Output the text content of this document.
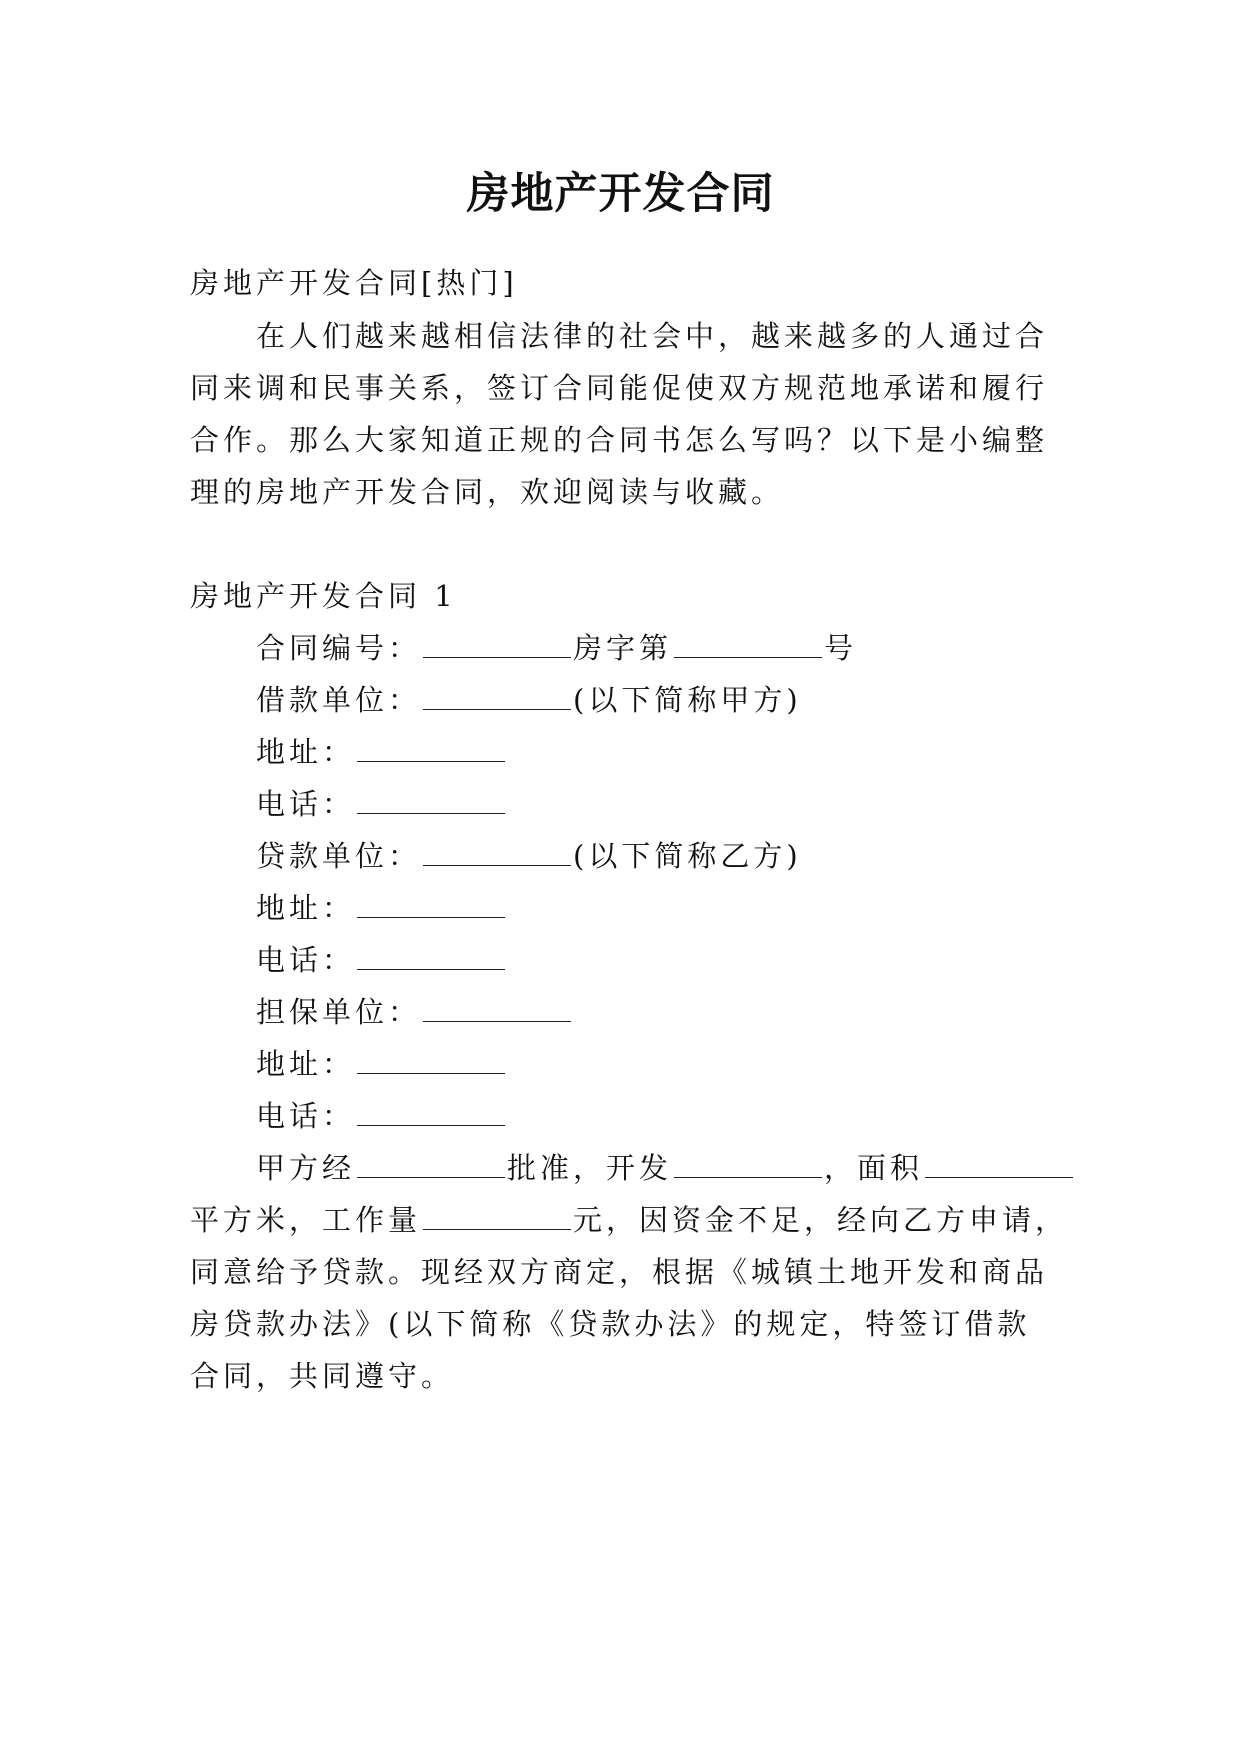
房地产开发合同
房地产开发合同[热门]
在人们越来越相信法律的社会中，越来越多的人通过合
同来调和民事关系，签订合同能促使双方规范地承诺和履行
合作。那么大家知道正规的合同书怎么写吗？以下是小编整
理的房地产开发合同，欢迎阅读与收藏。
房地产开发合同 1
合同编号：	房字第	号
借款单位：	(以下简称甲方)
地址：
电话：
贷款单位：	(以下简称乙方)
地址：
电话：
担保单位：
地址：
电话：
甲方经	批准，开发	，面积
平方米，工作量	元，因资金不足，经向乙方申请，
同意给予贷款。现经双方商定，根据《城镇土地开发和商品
房贷款办法》(以下简称《贷款办法》的规定，特签订借款
合同，共同遵守。
